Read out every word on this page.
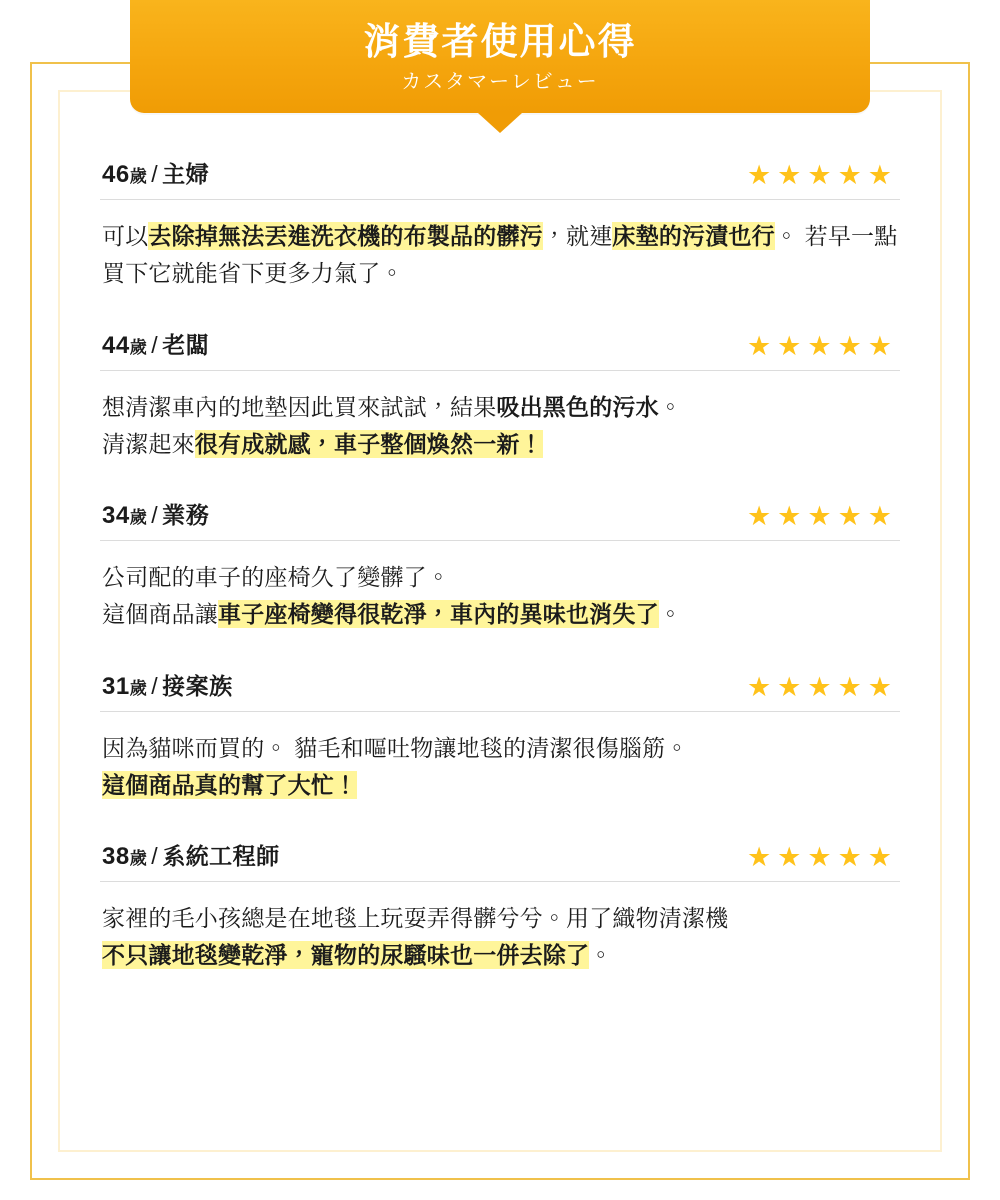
消費者使用心得
カスタマーレビュー
46歲 / 主婦	★★★★★
可以去除掉無法丟進洗衣機的布製品的髒污，就連床墊的污漬也行。 若早一點買下它就能省下更多力氣了。
44歲 / 老闆	★★★★★
想清潔車內的地墊因此買來試試，結果吸出黑色的污水。
清潔起來很有成就感，車子整個煥然一新！
34歲 / 業務	★★★★★
公司配的車子的座椅久了變髒了。
這個商品讓車子座椅變得很乾淨，車內的異味也消失了。
31歲 / 接案族	★★★★★
因為貓咪而買的。 貓毛和嘔吐物讓地毯的清潔很傷腦筋。
這個商品真的幫了大忙！
38歲 / 系統工程師	★★★★★
家裡的毛小孩總是在地毯上玩耍弄得髒兮兮。用了織物清潔機
不只讓地毯變乾淨，寵物的尿騷味也一併去除了。
